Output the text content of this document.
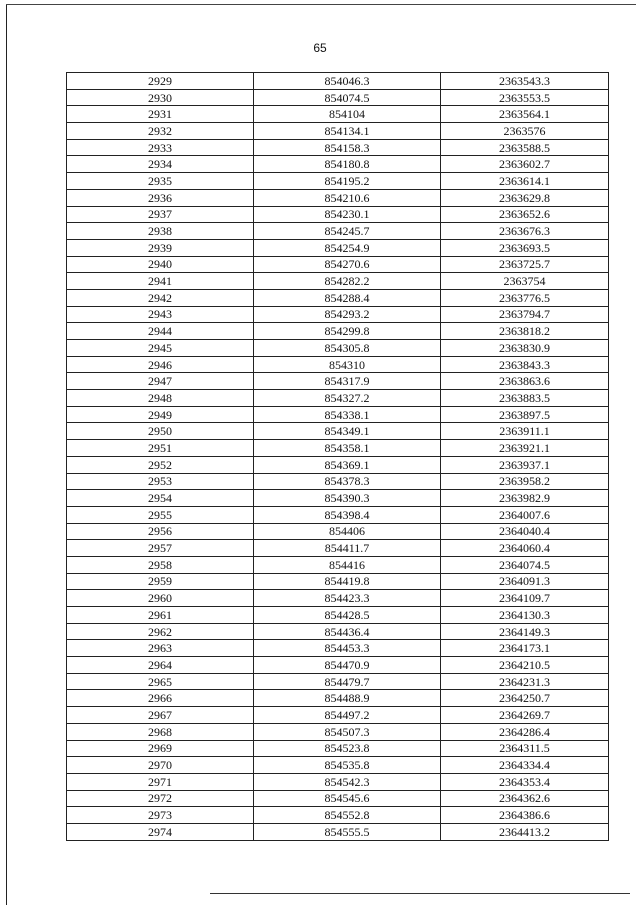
65
2929	854046.3	2363543.3
2930	854074.5	2363553.5
2931	854104	2363564.1
2932	854134.1	2363576
2933	854158.3	2363588.5
2934	854180.8	2363602.7
2935	854195.2	2363614.1
2936	854210.6	2363629.8
2937	854230.1	2363652.6
2938	854245.7	2363676.3
2939	854254.9	2363693.5
2940	854270.6	2363725.7
2941	854282.2	2363754
2942	854288.4	2363776.5
2943	854293.2	2363794.7
2944	854299.8	2363818.2
2945	854305.8	2363830.9
2946	854310	2363843.3
2947	854317.9	2363863.6
2948	854327.2	2363883.5
2949	854338.1	2363897.5
2950	854349.1	2363911.1
2951	854358.1	2363921.1
2952	854369.1	2363937.1
2953	854378.3	2363958.2
2954	854390.3	2363982.9
2955	854398.4	2364007.6
2956	854406	2364040.4
2957	854411.7	2364060.4
2958	854416	2364074.5
2959	854419.8	2364091.3
2960	854423.3	2364109.7
2961	854428.5	2364130.3
2962	854436.4	2364149.3
2963	854453.3	2364173.1
2964	854470.9	2364210.5
2965	854479.7	2364231.3
2966	854488.9	2364250.7
2967	854497.2	2364269.7
2968	854507.3	2364286.4
2969	854523.8	2364311.5
2970	854535.8	2364334.4
2971	854542.3	2364353.4
2972	854545.6	2364362.6
2973	854552.8	2364386.6
2974	854555.5	2364413.2
